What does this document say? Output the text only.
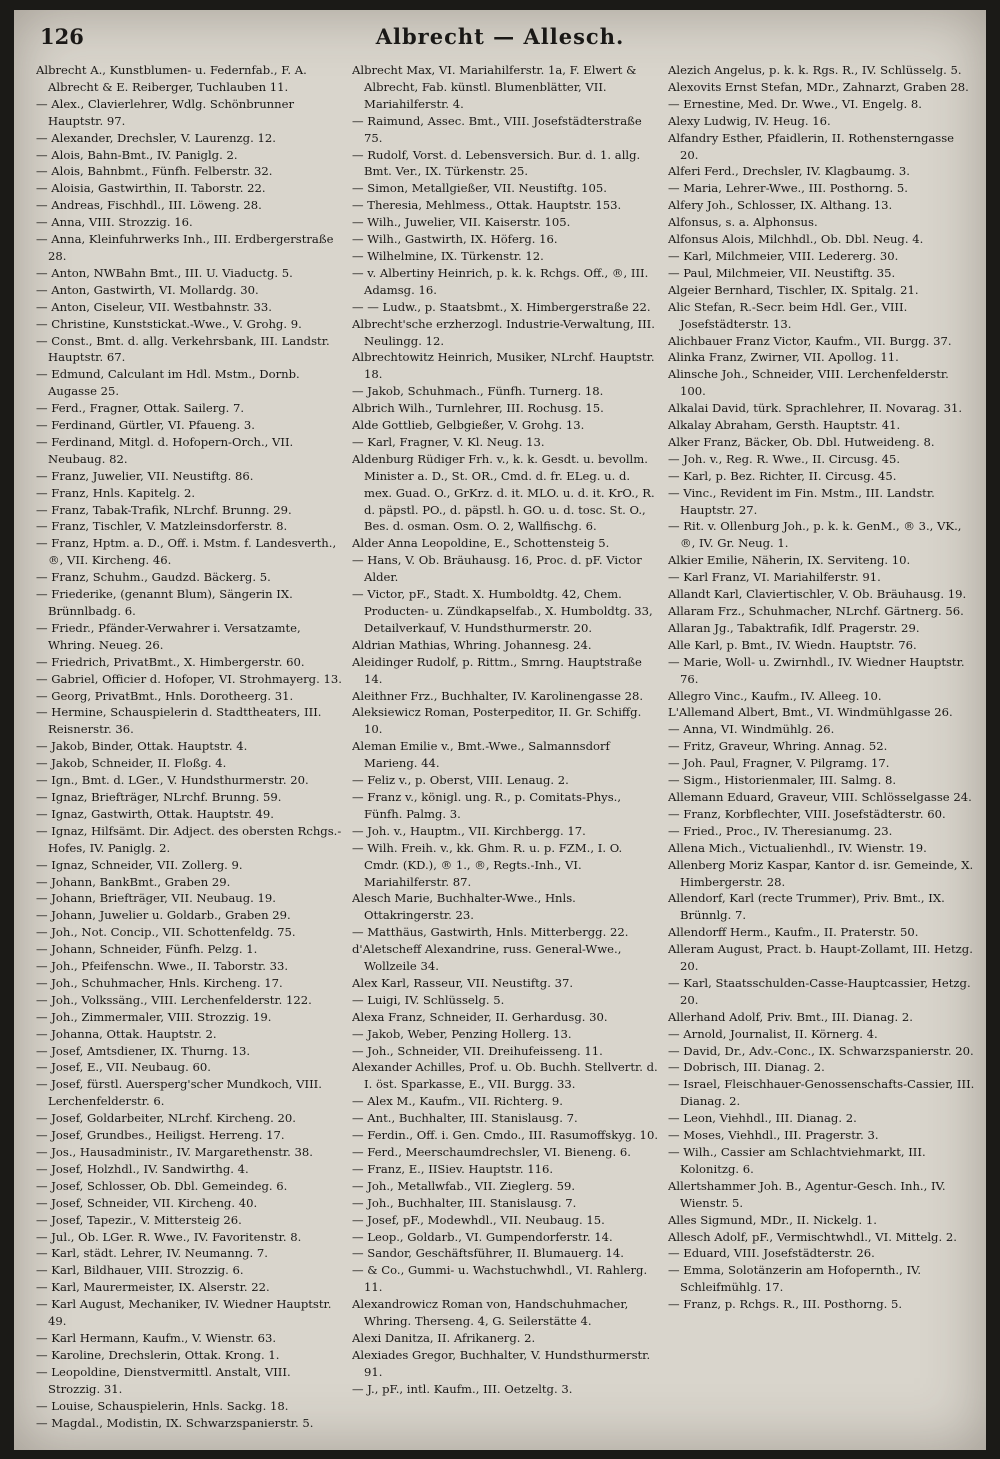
126	Albrecht — Allesch.

Albrecht A., Kunstblumen- u. Federnfab., F. A. Albrecht & E. Reiberger, Tuchlauben 11.

— Alex., Clavierlehrer, Wdlg. Schönbrunner Hauptstr. 97.

— Alexander, Drechsler, V. Laurenzg. 12.

— Alois, Bahn-Bmt., IV. Paniglg. 2.

— Alois, Bahnbmt., Fünfh. Felberstr. 32.

— Aloisia, Gastwirthin, II. Taborstr. 22.

— Andreas, Fischhdl., III. Löweng. 28.

— Anna, VIII. Strozzig. 16.

— Anna, Kleinfuhrwerks Inh., III. Erdbergerstraße 28.

— Anton, NWBahn Bmt., III. U. Viaductg. 5.

— Anton, Gastwirth, VI. Mollardg. 30.

— Anton, Ciseleur, VII. Westbahnstr. 33.

— Christine, Kunststickat.-Wwe., V. Grohg. 9.

— Const., Bmt. d. allg. Verkehrsbank, III. Landstr. Hauptstr. 67.

— Edmund, Calculant im Hdl. Mstm., Dornb. Augasse 25.

— Ferd., Fragner, Ottak. Sailerg. 7.

— Ferdinand, Gürtler, VI. Pfaueng. 3.

— Ferdinand, Mitgl. d. Hofopern-Orch., VII. Neubaug. 82.

— Franz, Juwelier, VII. Neustiftg. 86.

— Franz, Hnls. Kapitelg. 2.

— Franz, Tabak-Trafik, NLrchf. Brunng. 29.

— Franz, Tischler, V. Matzleinsdorferstr. 8.

— Franz, Hptm. a. D., Off. i. Mstm. f. Landesverth., ®, VII. Kircheng. 46.

— Franz, Schuhm., Gaudzd. Bäckerg. 5.

— Friederike, (genannt Blum), Sängerin IX. Brünnlbadg. 6.

— Friedr., Pfänder-Verwahrer i. Versatzamte, Whring. Neueg. 26.

— Friedrich, PrivatBmt., X. Himbergerstr. 60.

— Gabriel, Officier d. Hofoper, VI. Strohmayerg. 13.

— Georg, PrivatBmt., Hnls. Dorotheerg. 31.

— Hermine, Schauspielerin d. Stadttheaters, III. Reisnerstr. 36.

— Jakob, Binder, Ottak. Hauptstr. 4.

— Jakob, Schneider, II. Floßg. 4.

— Ign., Bmt. d. LGer., V. Hundsthurmerstr. 20.

— Ignaz, Briefträger, NLrchf. Brunng. 59.

— Ignaz, Gastwirth, Ottak. Hauptstr. 49.

— Ignaz, Hilfsämt. Dir. Adject. des obersten Rchgs.-Hofes, IV. Paniglg. 2.

— Ignaz, Schneider, VII. Zollerg. 9.

— Johann, BankBmt., Graben 29.

— Johann, Briefträger, VII. Neubaug. 19.

— Johann, Juwelier u. Goldarb., Graben 29.

— Joh., Not. Concip., VII. Schottenfeldg. 75.

— Johann, Schneider, Fünfh. Pelzg. 1.

— Joh., Pfeifenschn. Wwe., II. Taborstr. 33.

— Joh., Schuhmacher, Hnls. Kircheng. 17.

— Joh., Volkssäng., VIII. Lerchenfelderstr. 122.

— Joh., Zimmermaler, VIII. Strozzig. 19.

— Johanna, Ottak. Hauptstr. 2.

— Josef, Amtsdiener, IX. Thurng. 13.

— Josef, E., VII. Neubaug. 60.

— Josef, fürstl. Auersperg'scher Mundkoch, VIII. Lerchenfelderstr. 6.

— Josef, Goldarbeiter, NLrchf. Kircheng. 20.

— Josef, Grundbes., Heiligst. Herreng. 17.

— Jos., Hausadministr., IV. Margarethenstr. 38.

— Josef, Holzhdl., IV. Sandwirthg. 4.

— Josef, Schlosser, Ob. Dbl. Gemeindeg. 6.

— Josef, Schneider, VII. Kircheng. 40.

— Josef, Tapezir., V. Mittersteig 26.

— Jul., Ob. LGer. R. Wwe., IV. Favoritenstr. 8.

— Karl, städt. Lehrer, IV. Neumanng. 7.

— Karl, Bildhauer, VIII. Strozzig. 6.

— Karl, Maurermeister, IX. Alserstr. 22.

— Karl August, Mechaniker, IV. Wiedner Hauptstr. 49.

— Karl Hermann, Kaufm., V. Wienstr. 63.

— Karoline, Drechslerin, Ottak. Krong. 1.

— Leopoldine, Dienstvermittl. Anstalt, VIII. Strozzig. 31.

— Louise, Schauspielerin, Hnls. Sackg. 18.

— Magdal., Modistin, IX. Schwarzspanierstr. 5.

Albrecht Max, VI. Mariahilferstr. 1a, F. Elwert & Albrecht, Fab. künstl. Blumenblätter, VII. Mariahilferstr. 4.

— Raimund, Assec. Bmt., VIII. Josefstädterstraße 75.

— Rudolf, Vorst. d. Lebensversich. Bur. d. 1. allg. Bmt. Ver., IX. Türkenstr. 25.

— Simon, Metallgießer, VII. Neustiftg. 105.

— Theresia, Mehlmess., Ottak. Hauptstr. 153.

— Wilh., Juwelier, VII. Kaiserstr. 105.

— Wilh., Gastwirth, IX. Höferg. 16.

— Wilhelmine, IX. Türkenstr. 12.

— v. Albertiny Heinrich, p. k. k. Rchgs. Off., ®, III. Adamsg. 16.

— — Ludw., p. Staatsbmt., X. Himbergerstraße 22.

Albrecht'sche erzherzogl. Industrie-Verwaltung, III. Neulingg. 12.

Albrechtowitz Heinrich, Musiker, NLrchf. Hauptstr. 18.

— Jakob, Schuhmach., Fünfh. Turnerg. 18.

Albrich Wilh., Turnlehrer, III. Rochusg. 15.

Alde Gottlieb, Gelbgießer, V. Grohg. 13.

— Karl, Fragner, V. Kl. Neug. 13.

Aldenburg Rüdiger Frh. v., k. k. Gesdt. u. bevollm. Minister a. D., St. OR., Cmd. d. fr. ELeg. u. d. mex. Guad. O., GrKrz. d. it. MLO. u. d. it. KrO., R. d. päpstl. PO., d. päpstl. h. GO. u. d. tosc. St. O., Bes. d. osman. Osm. O. 2, Wallfischg. 6.

Alder Anna Leopoldine, E., Schottensteig 5.

— Hans, V. Ob. Bräuhausg. 16, Proc. d. pF. Victor Alder.

— Victor, pF., Stadt. X. Humboldtg. 42, Chem. Producten- u. Zündkapselfab., X. Humboldtg. 33, Detailverkauf, V. Hundsthurmerstr. 20.

Aldrian Mathias, Whring. Johannesg. 24.

Aleidinger Rudolf, p. Rittm., Smrng. Hauptstraße 14.

Aleithner Frz., Buchhalter, IV. Karolinengasse 28.

Aleksiewicz Roman, Posterpeditor, II. Gr. Schiffg. 10.

Aleman Emilie v., Bmt.-Wwe., Salmannsdorf Marieng. 44.

— Feliz v., p. Oberst, VIII. Lenaug. 2.

— Franz v., königl. ung. R., p. Comitats-Phys., Fünfh. Palmg. 3.

— Joh. v., Hauptm., VII. Kirchbergg. 17.

— Wilh. Freih. v., kk. Ghm. R. u. p. FZM., I. O. Cmdr. (KD.), ® 1., ®, Regts.-Inh., VI. Mariahilferstr. 87.

Alesch Marie, Buchhalter-Wwe., Hnls. Ottakringerstr. 23.

— Matthäus, Gastwirth, Hnls. Mitterbergg. 22.

d'Aletscheff Alexandrine, russ. General-Wwe., Wollzeile 34.

Alex Karl, Rasseur, VII. Neustiftg. 37.

— Luigi, IV. Schlüsselg. 5.

Alexa Franz, Schneider, II. Gerhardusg. 30.

— Jakob, Weber, Penzing Hollerg. 13.

— Joh., Schneider, VII. Dreihufeisseng. 11.

Alexander Achilles, Prof. u. Ob. Buchh. Stellvertr. d. I. öst. Sparkasse, E., VII. Burgg. 33.

— Alex M., Kaufm., VII. Richterg. 9.

— Ant., Buchhalter, III. Stanislausg. 7.

— Ferdin., Off. i. Gen. Cmdo., III. Rasumoffskyg. 10.

— Ferd., Meerschaumdrechsler, VI. Bieneng. 6.

— Franz, E., IISiev. Hauptstr. 116.

— Joh., Metallwfab., VII. Zieglerg. 59.

— Joh., Buchhalter, III. Stanislausg. 7.

— Josef, pF., Modewhdl., VII. Neubaug. 15.

— Leop., Goldarb., VI. Gumpendorferstr. 14.

— Sandor, Geschäftsführer, II. Blumauerg. 14.

— & Co., Gummi- u. Wachstuchwhdl., VI. Rahlerg. 11.

Alexandrowicz Roman von, Handschuhmacher, Whring. Therseng. 4, G. Seilerstätte 4.

Alexi Danitza, II. Afrikanerg. 2.

Alexiades Gregor, Buchhalter, V. Hundsthurmerstr. 91.

— J., pF., intl. Kaufm., III. Oetzeltg. 3.

Alezich Angelus, p. k. k. Rgs. R., IV. Schlüsselg. 5.

Alexovits Ernst Stefan, MDr., Zahnarzt, Graben 28.

— Ernestine, Med. Dr. Wwe., VI. Engelg. 8.

Alexy Ludwig, IV. Heug. 16.

Alfandry Esther, Pfaidlerin, II. Rothensterngasse 20.

Alferi Ferd., Drechsler, IV. Klagbaumg. 3.

— Maria, Lehrer-Wwe., III. Posthorng. 5.

Alfery Joh., Schlosser, IX. Althang. 13.

Alfonsus, s. a. Alphonsus.

Alfonsus Alois, Milchhdl., Ob. Dbl. Neug. 4.

— Karl, Milchmeier, VIII. Ledererg. 30.

— Paul, Milchmeier, VII. Neustiftg. 35.

Algeier Bernhard, Tischler, IX. Spitalg. 21.

Alic Stefan, R.-Secr. beim Hdl. Ger., VIII. Josefstädterstr. 13.

Alichbauer Franz Victor, Kaufm., VII. Burgg. 37.

Alinka Franz, Zwirner, VII. Apollog. 11.

Alinsche Joh., Schneider, VIII. Lerchenfelderstr. 100.

Alkalai David, türk. Sprachlehrer, II. Novarag. 31.

Alkalay Abraham, Gersth. Hauptstr. 41.

Alker Franz, Bäcker, Ob. Dbl. Hutweideng. 8.

— Joh. v., Reg. R. Wwe., II. Circusg. 45.

— Karl, p. Bez. Richter, II. Circusg. 45.

— Vinc., Revident im Fin. Mstm., III. Landstr. Hauptstr. 27.

— Rit. v. Ollenburg Joh., p. k. k. GenM., ® 3., VK., ®, IV. Gr. Neug. 1.

Alkier Emilie, Näherin, IX. Serviteng. 10.

— Karl Franz, VI. Mariahilferstr. 91.

Allandt Karl, Claviertischler, V. Ob. Bräuhausg. 19.

Allaram Frz., Schuhmacher, NLrchf. Gärtnerg. 56.

Allaran Jg., Tabaktrafik, Idlf. Pragerstr. 29.

Alle Karl, p. Bmt., IV. Wiedn. Hauptstr. 76.

— Marie, Woll- u. Zwirnhdl., IV. Wiedner Hauptstr. 76.

Allegro Vinc., Kaufm., IV. Alleeg. 10.

L'Allemand Albert, Bmt., VI. Windmühlgasse 26.

— Anna, VI. Windmühlg. 26.

— Fritz, Graveur, Whring. Annag. 52.

— Joh. Paul, Fragner, V. Pilgramg. 17.

— Sigm., Historienmaler, III. Salmg. 8.

Allemann Eduard, Graveur, VIII. Schlösselgasse 24.

— Franz, Korbflechter, VIII. Josefstädterstr. 60.

— Fried., Proc., IV. Theresianumg. 23.

Allena Mich., Victualienhdl., IV. Wienstr. 19.

Allenberg Moriz Kaspar, Kantor d. isr. Gemeinde, X. Himbergerstr. 28.

Allendorf, Karl (recte Trummer), Priv. Bmt., IX. Brünnlg. 7.

Allendorff Herm., Kaufm., II. Praterstr. 50.

Alleram August, Pract. b. Haupt-Zollamt, III. Hetzg. 20.

— Karl, Staatsschulden-Casse-Hauptcassier, Hetzg. 20.

Allerhand Adolf, Priv. Bmt., III. Dianag. 2.

— Arnold, Journalist, II. Körnerg. 4.

— David, Dr., Adv.-Conc., IX. Schwarzspanierstr. 20.

— Dobrisch, III. Dianag. 2.

— Israel, Fleischhauer-Genossenschafts-Cassier, III. Dianag. 2.

— Leon, Viehhdl., III. Dianag. 2.

— Moses, Viehhdl., III. Pragerstr. 3.

— Wilh., Cassier am Schlachtviehmarkt, III. Kolonitzg. 6.

Allertshammer Joh. B., Agentur-Gesch. Inh., IV. Wienstr. 5.

Alles Sigmund, MDr., II. Nickelg. 1.

Allesch Adolf, pF., Vermischtwhdl., VI. Mittelg. 2.

— Eduard, VIII. Josefstädterstr. 26.

— Emma, Solotänzerin am Hofopernth., IV. Schleifmühlg. 17.

— Franz, p. Rchgs. R., III. Posthorng. 5.
